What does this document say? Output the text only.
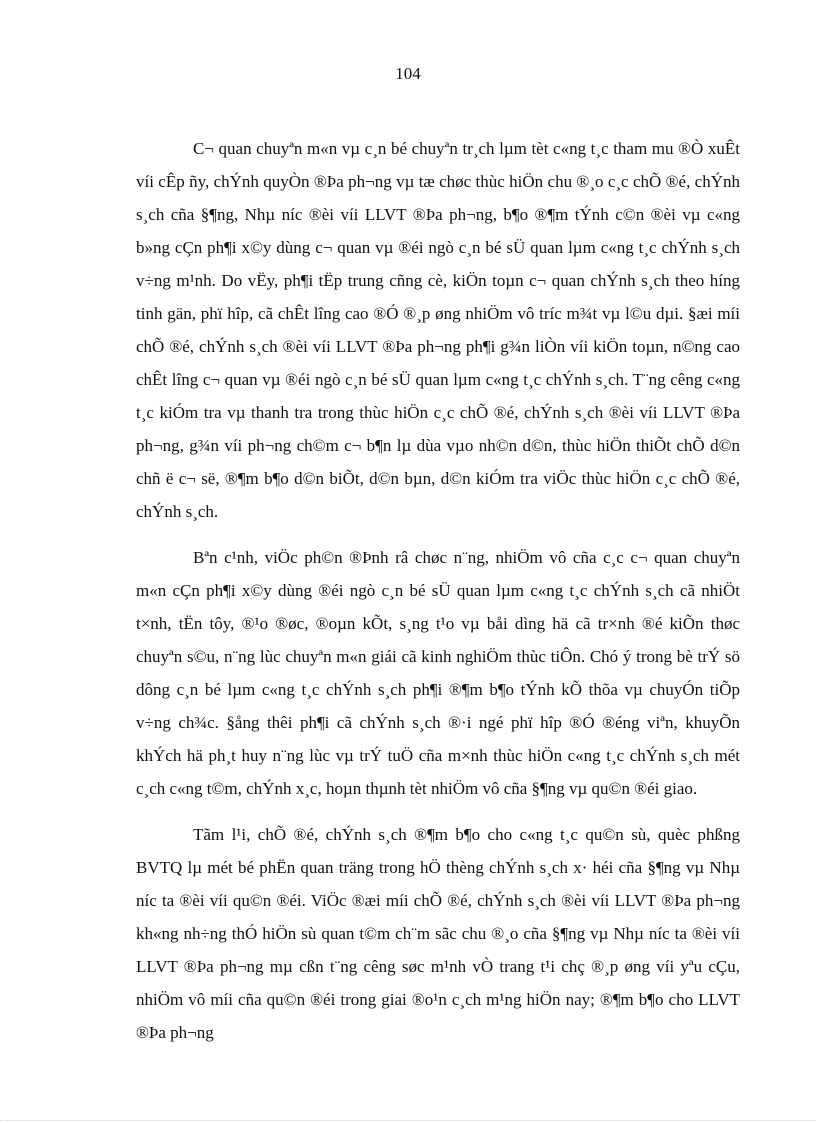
104

C¬ quan chuyªn m«n vµ c¸n bé chuyªn tr¸ch lµm tèt c«ng t¸c tham mu ®Ò xuÊt víi cÊp ñy, chÝnh quyÒn ®Þa ph¬ng vµ tæ chøc thùc hiÖn chu ®¸o c¸c chÕ ®é, chÝnh s¸ch cña §¶ng, Nhµ níc ®èi víi LLVT ®Þa ph¬ng, b¶o ®¶m tÝnh c©n ®èi vµ c«ng b»ng cÇn ph¶i x©y dùng c¬ quan vµ ®éi ngò c¸n bé sÜ quan lµm c«ng t¸c chÝnh s¸ch v÷ng m¹nh. Do vËy, ph¶i tËp trung cñng cè, kiÖn toµn c¬ quan chÝnh s¸ch theo híng tinh gän, phï hîp, cã chÊt lîng cao ®Ó ®¸p øng nhiÖm vô tríc m¾t vµ l©u dµi. §æi míi chÕ ®é, chÝnh s¸ch ®èi víi LLVT ®Þa ph¬ng ph¶i g¾n liÒn víi kiÖn toµn, n©ng cao chÊt lîng c¬ quan vµ ®éi ngò c¸n bé sÜ quan lµm c«ng t¸c chÝnh s¸ch. T¨ng cêng c«ng t¸c kiÓm tra vµ thanh tra trong thùc hiÖn c¸c chÕ ®é, chÝnh s¸ch ®èi víi LLVT ®Þa ph¬ng, g¾n víi ph¬ng ch©m c¬ b¶n lµ dùa vµo nh©n d©n, thùc hiÖn thiÕt chÕ d©n chñ ë c¬ së, ®¶m b¶o d©n biÕt, d©n bµn, d©n kiÓm tra viÖc thùc hiÖn c¸c chÕ ®é, chÝnh s¸ch.

Bªn c¹nh, viÖc ph©n ®Þnh râ chøc n¨ng, nhiÖm vô cña c¸c c¬ quan chuyªn m«n cÇn ph¶i x©y dùng ®éi ngò c¸n bé sÜ quan lµm c«ng t¸c chÝnh s¸ch cã nhiÖt t×nh, tËn tôy, ®¹o ®øc, ®oµn kÕt, s¸ng t¹o vµ båi dìng hä cã tr×nh ®é kiÕn thøc chuyªn s©u, n¨ng lùc chuyªn m«n giái cã kinh nghiÖm thùc tiÔn. Chó ý trong bè trÝ sö dông c¸n bé lµm c«ng t¸c chÝnh s¸ch ph¶i ®¶m b¶o tÝnh kÕ thõa vµ chuyÓn tiÕp v÷ng ch¾c. §ång thêi ph¶i cã chÝnh s¸ch ®·i ngé phï hîp ®Ó ®éng viªn, khuyÕn khÝch hä ph¸t huy n¨ng lùc vµ trÝ tuÖ cña m×nh thùc hiÖn c«ng t¸c chÝnh s¸ch mét c¸ch c«ng t©m, chÝnh x¸c, hoµn thµnh tèt nhiÖm vô cña §¶ng vµ qu©n ®éi giao.

Tãm l¹i, chÕ ®é, chÝnh s¸ch ®¶m b¶o cho c«ng t¸c qu©n sù, quèc phßng BVTQ lµ mét bé phËn quan träng trong hÖ thèng chÝnh s¸ch x· héi cña §¶ng vµ Nhµ níc ta ®èi víi qu©n ®éi. ViÖc ®æi míi chÕ ®é, chÝnh s¸ch ®èi víi LLVT ®Þa ph¬ng kh«ng nh÷ng thÓ hiÖn sù quan t©m ch¨m sãc chu ®¸o cña §¶ng vµ Nhµ níc ta ®èi víi LLVT ®Þa ph¬ng mµ cßn t¨ng cêng søc m¹nh vÒ trang t¹i chç ®¸p øng víi yªu cÇu, nhiÖm vô míi cña qu©n ®éi trong giai ®o¹n c¸ch m¹ng hiÖn nay; ®¶m b¶o cho LLVT ®Þa ph¬ng
